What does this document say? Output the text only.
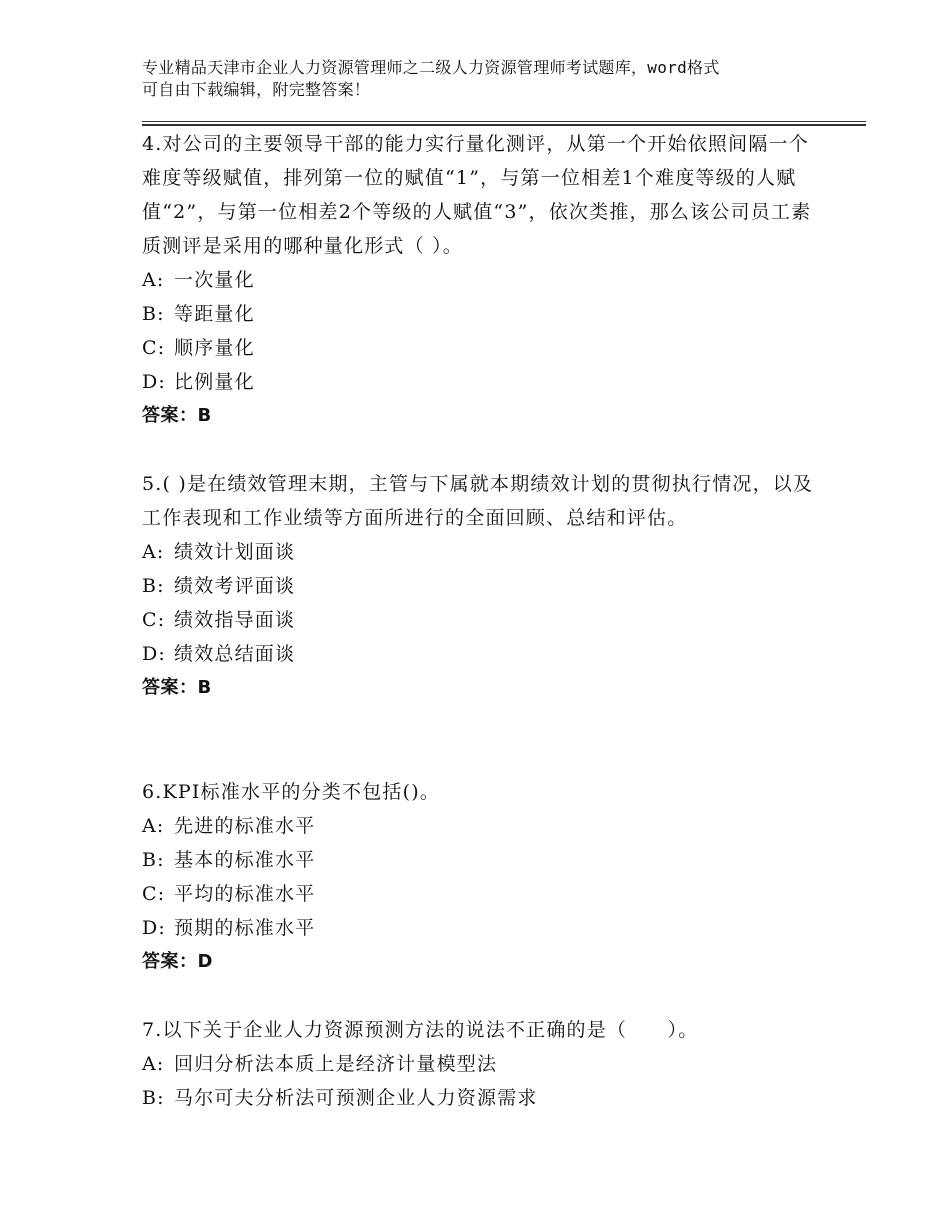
专业精品天津市企业人力资源管理师之二级人力资源管理师考试题库，word格式
可自由下载编辑，附完整答案！

4.对公司的主要领导干部的能力实行量化测评，从第一个开始依照间隔一个难度等级赋值，排列第一位的赋值“1”，与第一位相差1个难度等级的人赋值“2”，与第一位相差2个等级的人赋值“3”，依次类推，那么该公司员工素质测评是采用的哪种量化形式（ ）。

A: 一次量化

B: 等距量化

C: 顺序量化

D: 比例量化

答案：B

5.( )是在绩效管理末期，主管与下属就本期绩效计划的贯彻执行情况，以及工作表现和工作业绩等方面所进行的全面回顾、总结和评估。

A: 绩效计划面谈

B: 绩效考评面谈

C: 绩效指导面谈

D: 绩效总结面谈

答案：B

6.KPI标准水平的分类不包括()。

A: 先进的标准水平

B: 基本的标准水平

C: 平均的标准水平

D: 预期的标准水平

答案：D

7.以下关于企业人力资源预测方法的说法不正确的是（　　）。

A: 回归分析法本质上是经济计量模型法

B: 马尔可夫分析法可预测企业人力资源需求
